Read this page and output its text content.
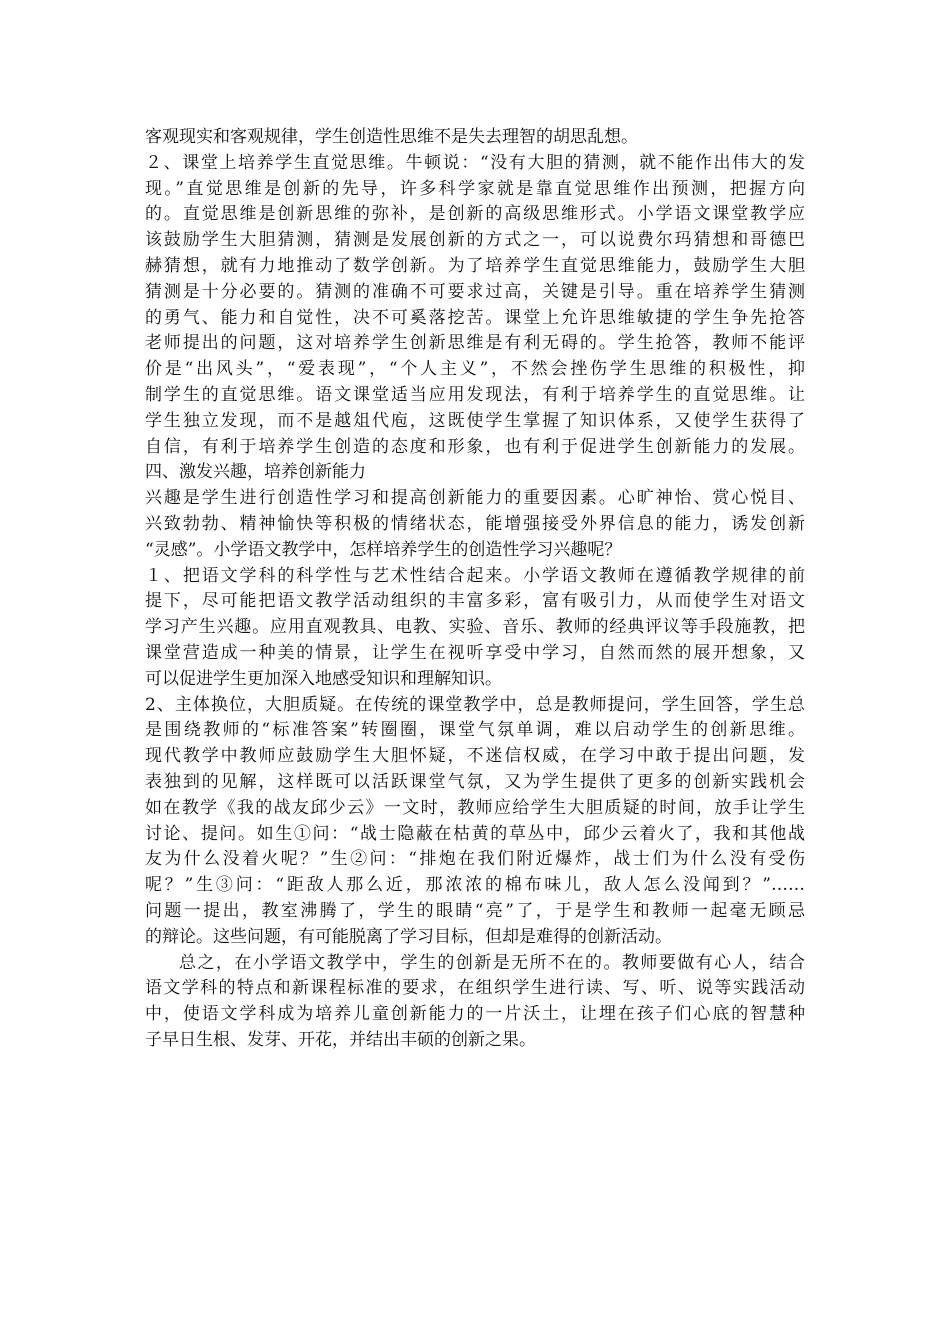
客观现实和客观规律，学生创造性思维不是失去理智的胡思乱想。
２、课堂上培养学生直觉思维。牛顿说：“没有大胆的猜测，就不能作出伟大的发
现。”直觉思维是创新的先导，许多科学家就是靠直觉思维作出预测，把握方向
的。直觉思维是创新思维的弥补，是创新的高级思维形式。小学语文课堂教学应
该鼓励学生大胆猜测，猜测是发展创新的方式之一，可以说费尔玛猜想和哥德巴
赫猜想，就有力地推动了数学创新。为了培养学生直觉思维能力，鼓励学生大胆
猜测是十分必要的。猜测的准确不可要求过高，关键是引导。重在培养学生猜测
的勇气、能力和自觉性，决不可奚落挖苦。课堂上允许思维敏捷的学生争先抢答
老师提出的问题，这对培养学生创新思维是有利无碍的。学生抢答，教师不能评
价是“出风头”，“爱表现”，“个人主义”，不然会挫伤学生思维的积极性，抑
制学生的直觉思维。语文课堂适当应用发现法，有利于培养学生的直觉思维。让
学生独立发现，而不是越俎代庖，这既使学生掌握了知识体系，又使学生获得了
自信，有利于培养学生创造的态度和形象，也有利于促进学生创新能力的发展。
四、激发兴趣，培养创新能力
兴趣是学生进行创造性学习和提高创新能力的重要因素。心旷神怡、赏心悦目、
兴致勃勃、精神愉快等积极的情绪状态，能增强接受外界信息的能力，诱发创新
“灵感”。小学语文教学中，怎样培养学生的创造性学习兴趣呢？
１、把语文学科的科学性与艺术性结合起来。小学语文教师在遵循教学规律的前
提下，尽可能把语文教学活动组织的丰富多彩，富有吸引力，从而使学生对语文
学习产生兴趣。应用直观教具、电教、实验、音乐、教师的经典评议等手段施教，把
课堂营造成一种美的情景，让学生在视听享受中学习，自然而然的展开想象，又
可以促进学生更加深入地感受知识和理解知识。
2、主体换位，大胆质疑。在传统的课堂教学中，总是教师提问，学生回答，学生总
是围绕教师的“标准答案”转圈圈，课堂气氛单调，难以启动学生的创新思维。
现代教学中教师应鼓励学生大胆怀疑，不迷信权威，在学习中敢于提出问题，发
表独到的见解，这样既可以活跃课堂气氛，又为学生提供了更多的创新实践机会
如在教学《我的战友邱少云》一文时，教师应给学生大胆质疑的时间，放手让学生
讨论、提问。如生①问：“战士隐蔽在枯黄的草丛中，邱少云着火了，我和其他战
友为什么没着火呢？”生②问：“排炮在我们附近爆炸，战士们为什么没有受伤
呢？”生③问：“距敌人那么近，那浓浓的棉布味儿，敌人怎么没闻到？”……
问题一提出，教室沸腾了，学生的眼睛“亮”了，于是学生和教师一起毫无顾忌
的辩论。这些问题，有可能脱离了学习目标，但却是难得的创新活动。
总之，在小学语文教学中，学生的创新是无所不在的。教师要做有心人，结合
语文学科的特点和新课程标准的要求，在组织学生进行读、写、听、说等实践活动
中，使语文学科成为培养儿童创新能力的一片沃土，让埋在孩子们心底的智慧种
子早日生根、发芽、开花，并结出丰硕的创新之果。
